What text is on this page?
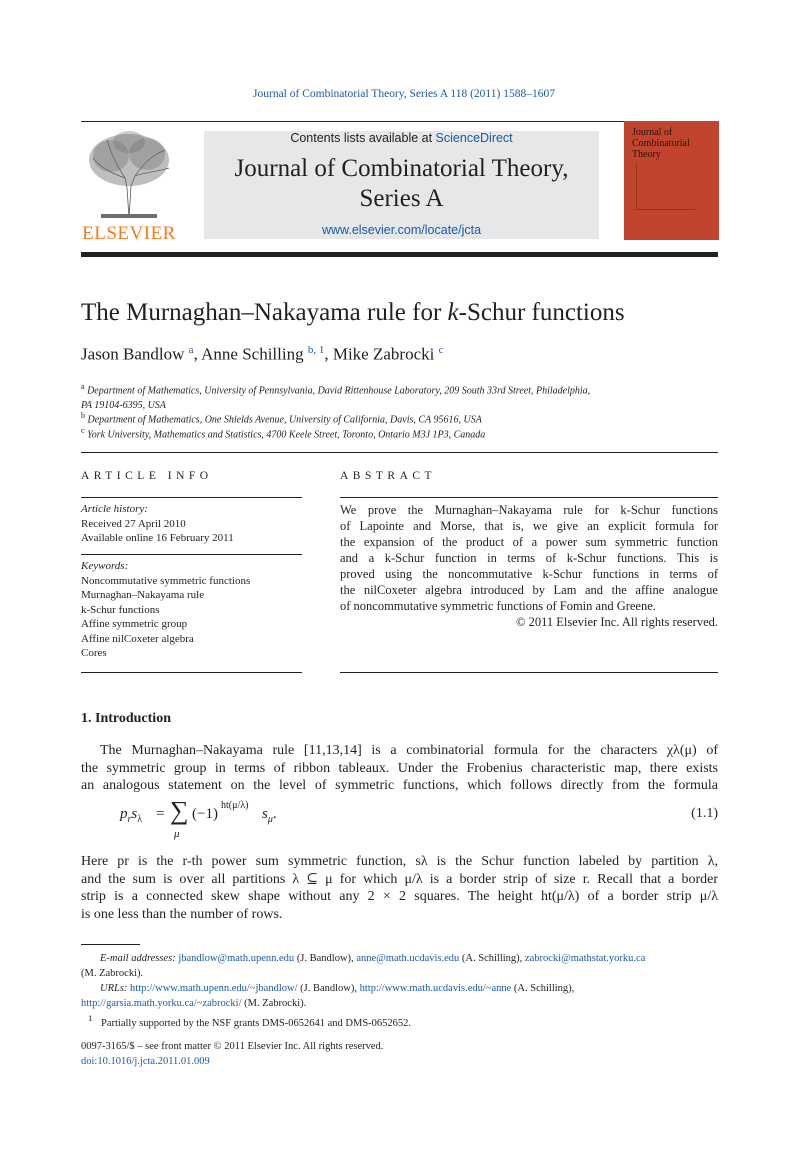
Journal of Combinatorial Theory, Series A 118 (2011) 1588–1607
ELSEVIER
Contents lists available at ScienceDirect
Journal of Combinatorial Theory,
Series A
www.elsevier.com/locate/jcta
Journal of
Combinatorial
Theory
The Murnaghan–Nakayama rule for k-Schur functions
Jason Bandlow $^a$, Anne Schilling $^{b, 1}$, Mike Zabrocki $^c$
$^a$ Department of Mathematics, University of Pennsylvania, David Rittenhouse Laboratory, 209 South 33rd Street, Philadelphia,
PA 19104-6395, USA
$^b$ Department of Mathematics, One Shields Avenue, University of California, Davis, CA 95616, USA
$^c$ York University, Mathematics and Statistics, 4700 Keele Street, Toronto, Ontario M3J 1P3, Canada
ARTICLE INFO
Article history:
Received 27 April 2010
Available online 16 February 2011
Keywords:
Noncommutative symmetric functions
Murnaghan–Nakayama rule
k-Schur functions
Affine symmetric group
Affine nilCoxeter algebra
Cores
ABSTRACT
We prove the Murnaghan–Nakayama rule for k-Schur functions
of Lapointe and Morse, that is, we give an explicit formula for
the expansion of the product of a power sum symmetric function
and a k-Schur function in terms of k-Schur functions. This is
proved using the noncommutative k-Schur functions in terms of
the nilCoxeter algebra introduced by Lam and the affine analogue
of noncommutative symmetric functions of Fomin and Greene.
© 2011 Elsevier Inc. All rights reserved.
1. Introduction
The Murnaghan–Nakayama rule [11,13,14] is a combinatorial formula for the characters χλ(μ) of
the symmetric group in terms of ribbon tableaux. Under the Frobenius characteristic map, there exists
an analogous statement on the level of symmetric functions, which follows directly from the formula
$p_rs_\lambda$ = ∑
μ
(−1)
ht(μ/λ)
$s_\mu$.	(1.1)
Here pr is the r-th power sum symmetric function, sλ is the Schur function labeled by partition λ,
and the sum is over all partitions λ ⊆ μ for which μ/λ is a border strip of size r. Recall that a border
strip is a connected skew shape without any 2 × 2 squares. The height ht(μ/λ) of a border strip μ/λ
is one less than the number of rows.
E-mail addresses: jbandlow@math.upenn.edu (J. Bandlow), anne@math.ucdavis.edu (A. Schilling), zabrocki@mathstat.yorku.ca
(M. Zabrocki).
URLs: http://www.math.upenn.edu/~jbandlow/ (J. Bandlow), http://www.math.ucdavis.edu/~anne (A. Schilling),
http://garsia.math.yorku.ca/~zabrocki/ (M. Zabrocki).
$^1$ Partially supported by the NSF grants DMS-0652641 and DMS-0652652.
0097-3165/$ – see front matter © 2011 Elsevier Inc. All rights reserved.
doi:10.1016/j.jcta.2011.01.009
